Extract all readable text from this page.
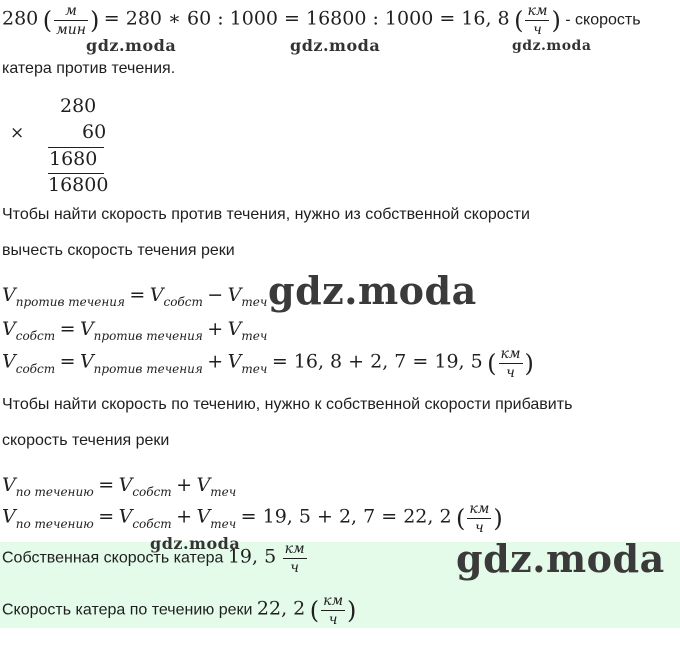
280 ( $\frac{м}{\text{мин}}$ ) = 280 ∗ 60 : 1000 = 16800 : 1000 = 16, 8 ( $\frac{км}{ч}$ ) - скорость
катера против течения.
280
×	60
1680
16800
Чтобы найти скорость против течения, нужно из собственной скорости
вычесть скорость течения реки
$V_{против течения} = V_{собст} - V_{теч}$
$V_{собст} = V_{против течения} + V_{теч}$
$V_{собст} = V_{против течения} + V_{теч} = 16$, 8 + 2, 7 = 19, 5 ( $\frac{км}{ч}$ )
Чтобы найти скорость по течению, нужно к собственной скорости прибавить
скорость течения реки
$V_{по течению} = V_{собст} + V_{теч}$
$V_{по течению} = V_{собст} + V_{теч} = 19$, 5 + 2, 7 = 22, 2 ( $\frac{км}{ч}$ )
Собственная скорость катера 19, $5 \frac{км}{ч}$
Скорость катера по течению реки 22, 2 ( $\frac{км}{ч}$ )
gdz.moda	gdz.moda	gdz.moda
gdz.moda
gdz.moda	gdz.moda
